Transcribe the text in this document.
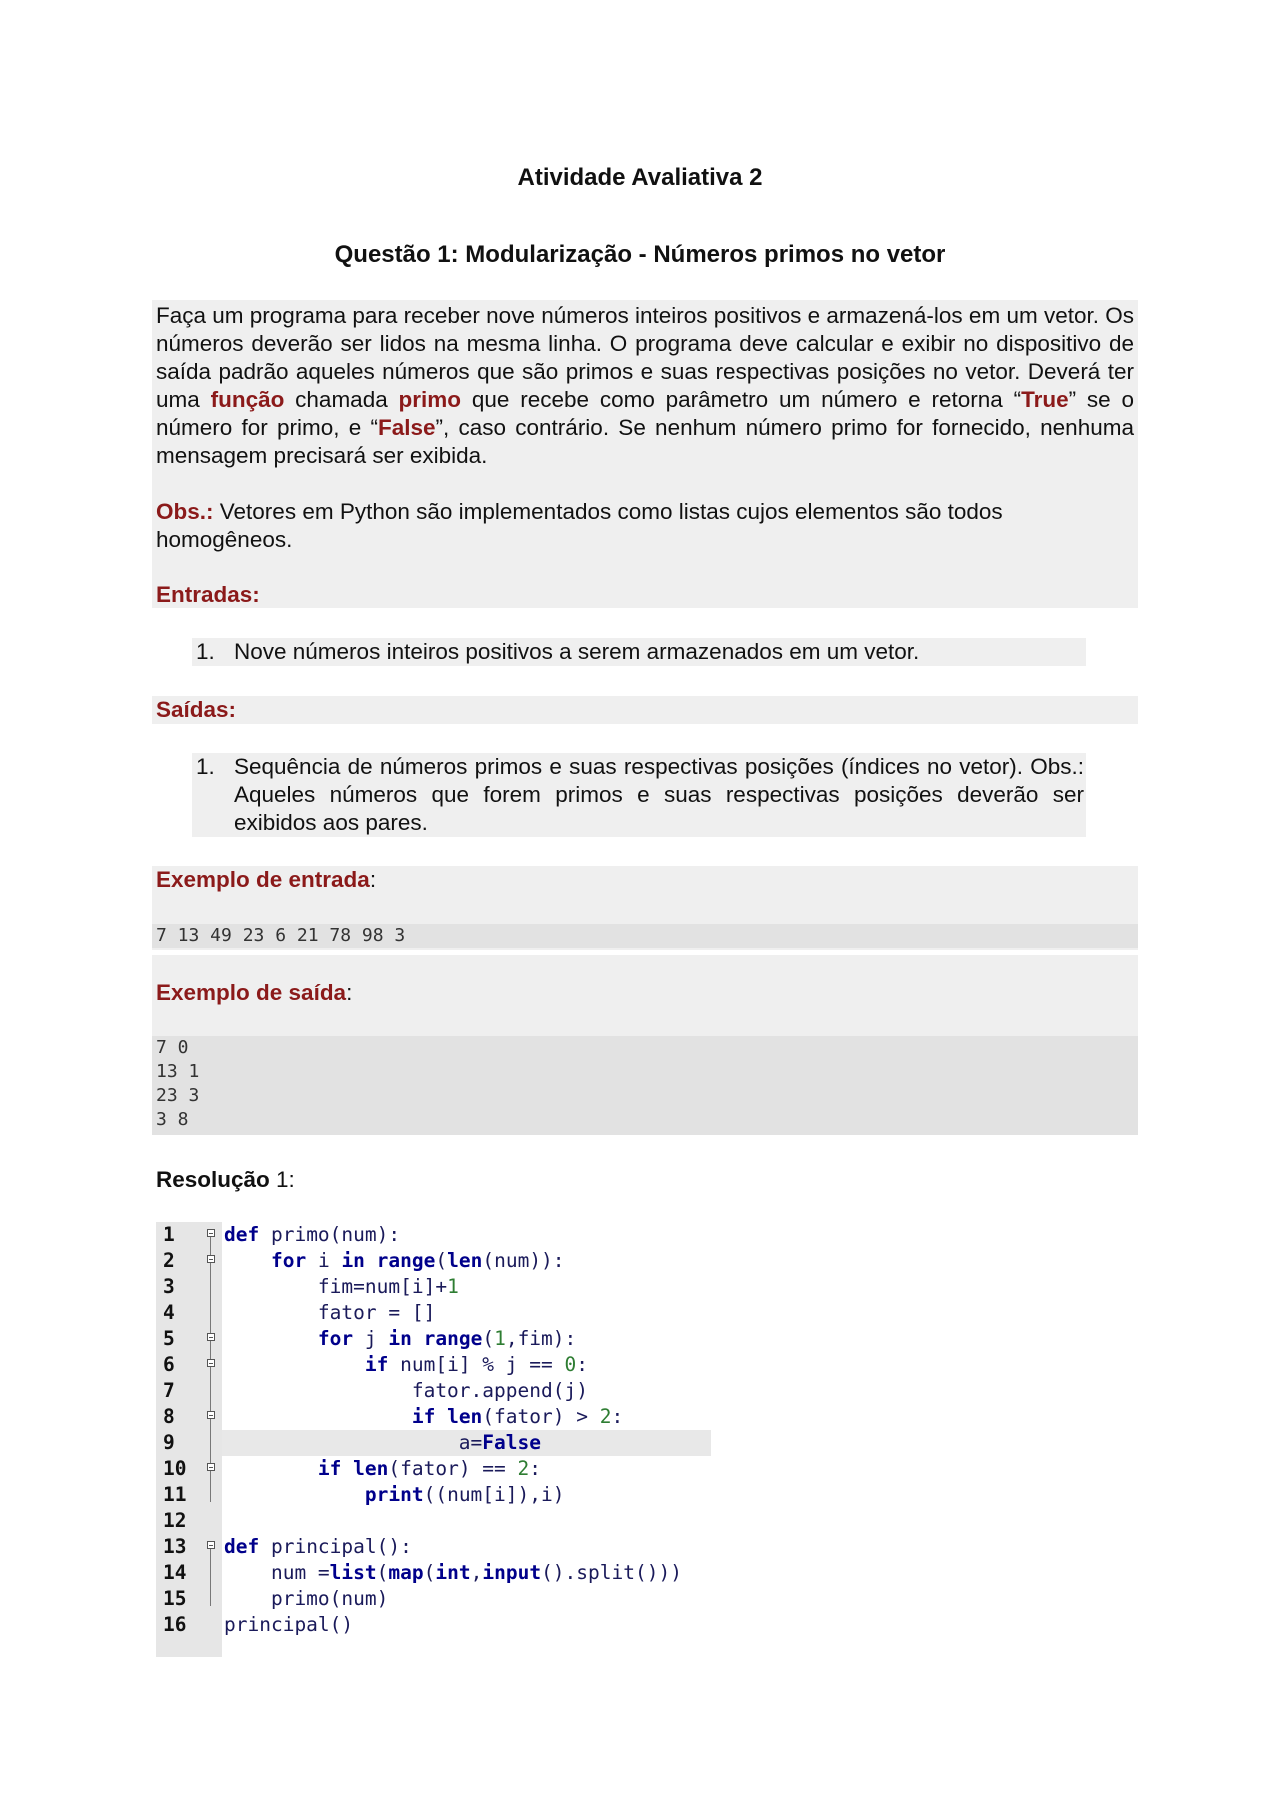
Atividade Avaliativa 2
Questão 1: Modularização - Números primos no vetor
Faça um programa para receber nove números inteiros positivos e armazená-los em um vetor. Os números deverão ser lidos na mesma linha. O programa deve calcular e exibir no dispositivo de saída padrão aqueles números que são primos e suas respectivas posições no vetor. Deverá ter uma função chamada primo que recebe como parâmetro um número e retorna “True” se o número for primo, e “False”, caso contrário. Se nenhum número primo for fornecido, nenhuma mensagem precisará ser exibida.
Obs.: Vetores em Python são implementados como listas cujos elementos são todos homogêneos.
Entradas:
1. Nove números inteiros positivos a serem armazenados em um vetor.
Saídas:
1. Sequência de números primos e suas respectivas posições (índices no vetor). Obs.: Aqueles números que forem primos e suas respectivas posições deverão ser exibidos aos pares.
Exemplo de entrada:
7 13 49 23 6 21 78 98 3
Exemplo de saída:
7 0
13 1
23 3
3 8
Resolução 1:
1	def primo(num):
2	for i in range(len(num)):
3	fim=num[i]+1
4	fator = []
5	for j in range(1,fim):
6	if num[i] % j == 0:
7	fator.append(j)
8	if len(fator) > 2:
9	a=False
10	if len(fator) == 2:
11	print((num[i]),i)
12
13	def principal():
14	num =list(map(int,input().split()))
15	primo(num)
16	principal()
